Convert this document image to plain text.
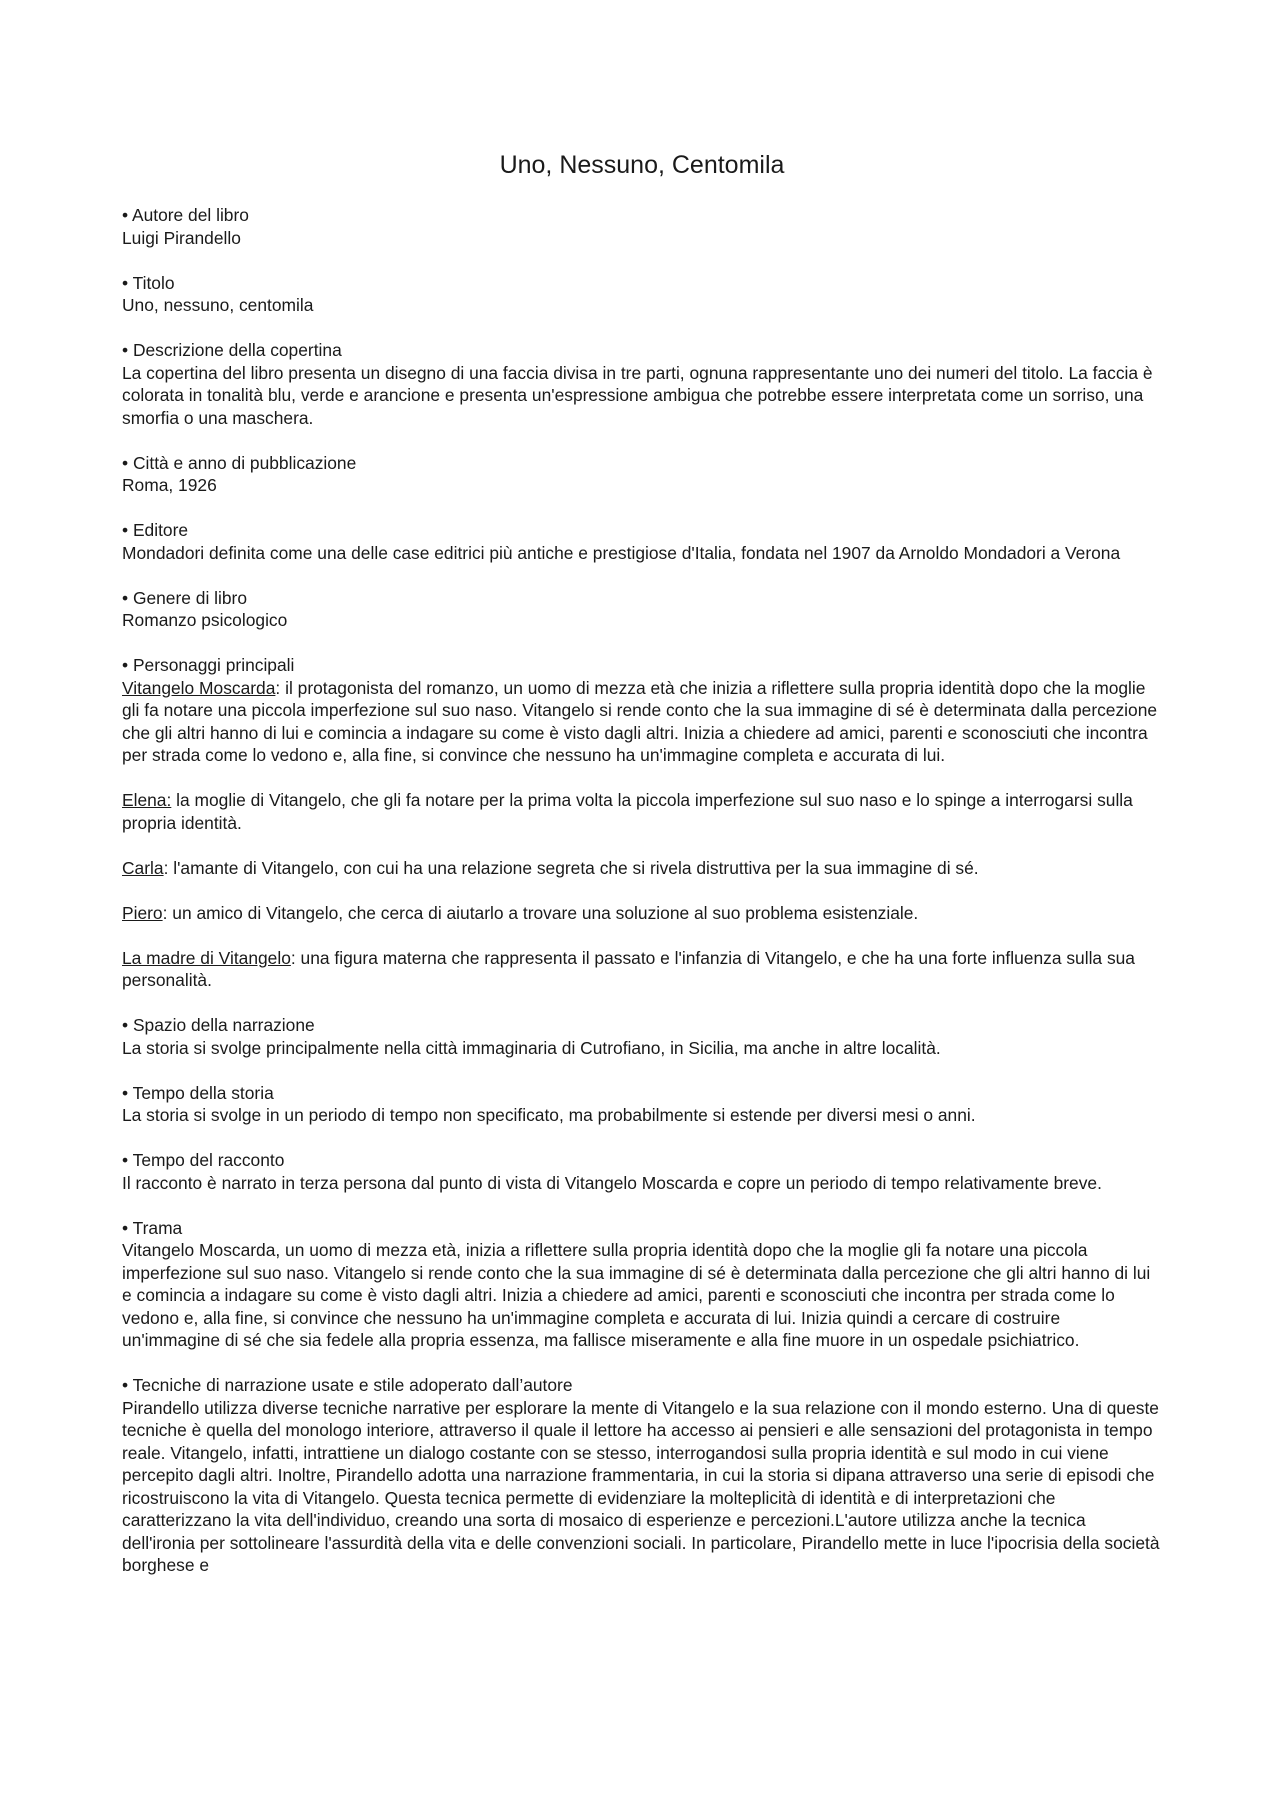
Uno, Nessuno, Centomila
• Autore del libro
Luigi Pirandello
• Titolo
Uno, nessuno, centomila
• Descrizione della copertina
La copertina del libro presenta un disegno di una faccia divisa in tre parti, ognuna rappresentante uno dei numeri del titolo. La faccia è colorata in tonalità blu, verde e arancione e presenta un'espressione ambigua che potrebbe essere interpretata come un sorriso, una smorfia o una maschera.
• Città e anno di pubblicazione
Roma, 1926
• Editore
Mondadori definita come una delle case editrici più antiche e prestigiose d'Italia, fondata nel 1907 da Arnoldo Mondadori a Verona
• Genere di libro
Romanzo psicologico
• Personaggi principali
Vitangelo Moscarda: il protagonista del romanzo, un uomo di mezza età che inizia a riflettere sulla propria identità dopo che la moglie gli fa notare una piccola imperfezione sul suo naso. Vitangelo si rende conto che la sua immagine di sé è determinata dalla percezione che gli altri hanno di lui e comincia a indagare su come è visto dagli altri. Inizia a chiedere ad amici, parenti e sconosciuti che incontra per strada come lo vedono e, alla fine, si convince che nessuno ha un'immagine completa e accurata di lui.
Elena: la moglie di Vitangelo, che gli fa notare per la prima volta la piccola imperfezione sul suo naso e lo spinge a interrogarsi sulla propria identità.
Carla: l'amante di Vitangelo, con cui ha una relazione segreta che si rivela distruttiva per la sua immagine di sé.
Piero: un amico di Vitangelo, che cerca di aiutarlo a trovare una soluzione al suo problema esistenziale.
La madre di Vitangelo: una figura materna che rappresenta il passato e l'infanzia di Vitangelo, e che ha una forte influenza sulla sua personalità.
• Spazio della narrazione
La storia si svolge principalmente nella città immaginaria di Cutrofiano, in Sicilia, ma anche in altre località.
• Tempo della storia
La storia si svolge in un periodo di tempo non specificato, ma probabilmente si estende per diversi mesi o anni.
• Tempo del racconto
Il racconto è narrato in terza persona dal punto di vista di Vitangelo Moscarda e copre un periodo di tempo relativamente breve.
• Trama
Vitangelo Moscarda, un uomo di mezza età, inizia a riflettere sulla propria identità dopo che la moglie gli fa notare una piccola imperfezione sul suo naso. Vitangelo si rende conto che la sua immagine di sé è determinata dalla percezione che gli altri hanno di lui e comincia a indagare su come è visto dagli altri. Inizia a chiedere ad amici, parenti e sconosciuti che incontra per strada come lo vedono e, alla fine, si convince che nessuno ha un'immagine completa e accurata di lui. Inizia quindi a cercare di costruire un'immagine di sé che sia fedele alla propria essenza, ma fallisce miseramente e alla fine muore in un ospedale psichiatrico.
• Tecniche di narrazione usate e stile adoperato dall’autore
Pirandello utilizza diverse tecniche narrative per esplorare la mente di Vitangelo e la sua relazione con il mondo esterno. Una di queste tecniche è quella del monologo interiore, attraverso il quale il lettore ha accesso ai pensieri e alle sensazioni del protagonista in tempo reale. Vitangelo, infatti, intrattiene un dialogo costante con se stesso, interrogandosi sulla propria identità e sul modo in cui viene percepito dagli altri. Inoltre, Pirandello adotta una narrazione frammentaria, in cui la storia si dipana attraverso una serie di episodi che ricostruiscono la vita di Vitangelo. Questa tecnica permette di evidenziare la molteplicità di identità e di interpretazioni che caratterizzano la vita dell'individuo, creando una sorta di mosaico di esperienze e percezioni.L'autore utilizza anche la tecnica dell'ironia per sottolineare l'assurdità della vita e delle convenzioni sociali. In particolare, Pirandello mette in luce l'ipocrisia della società borghese e
